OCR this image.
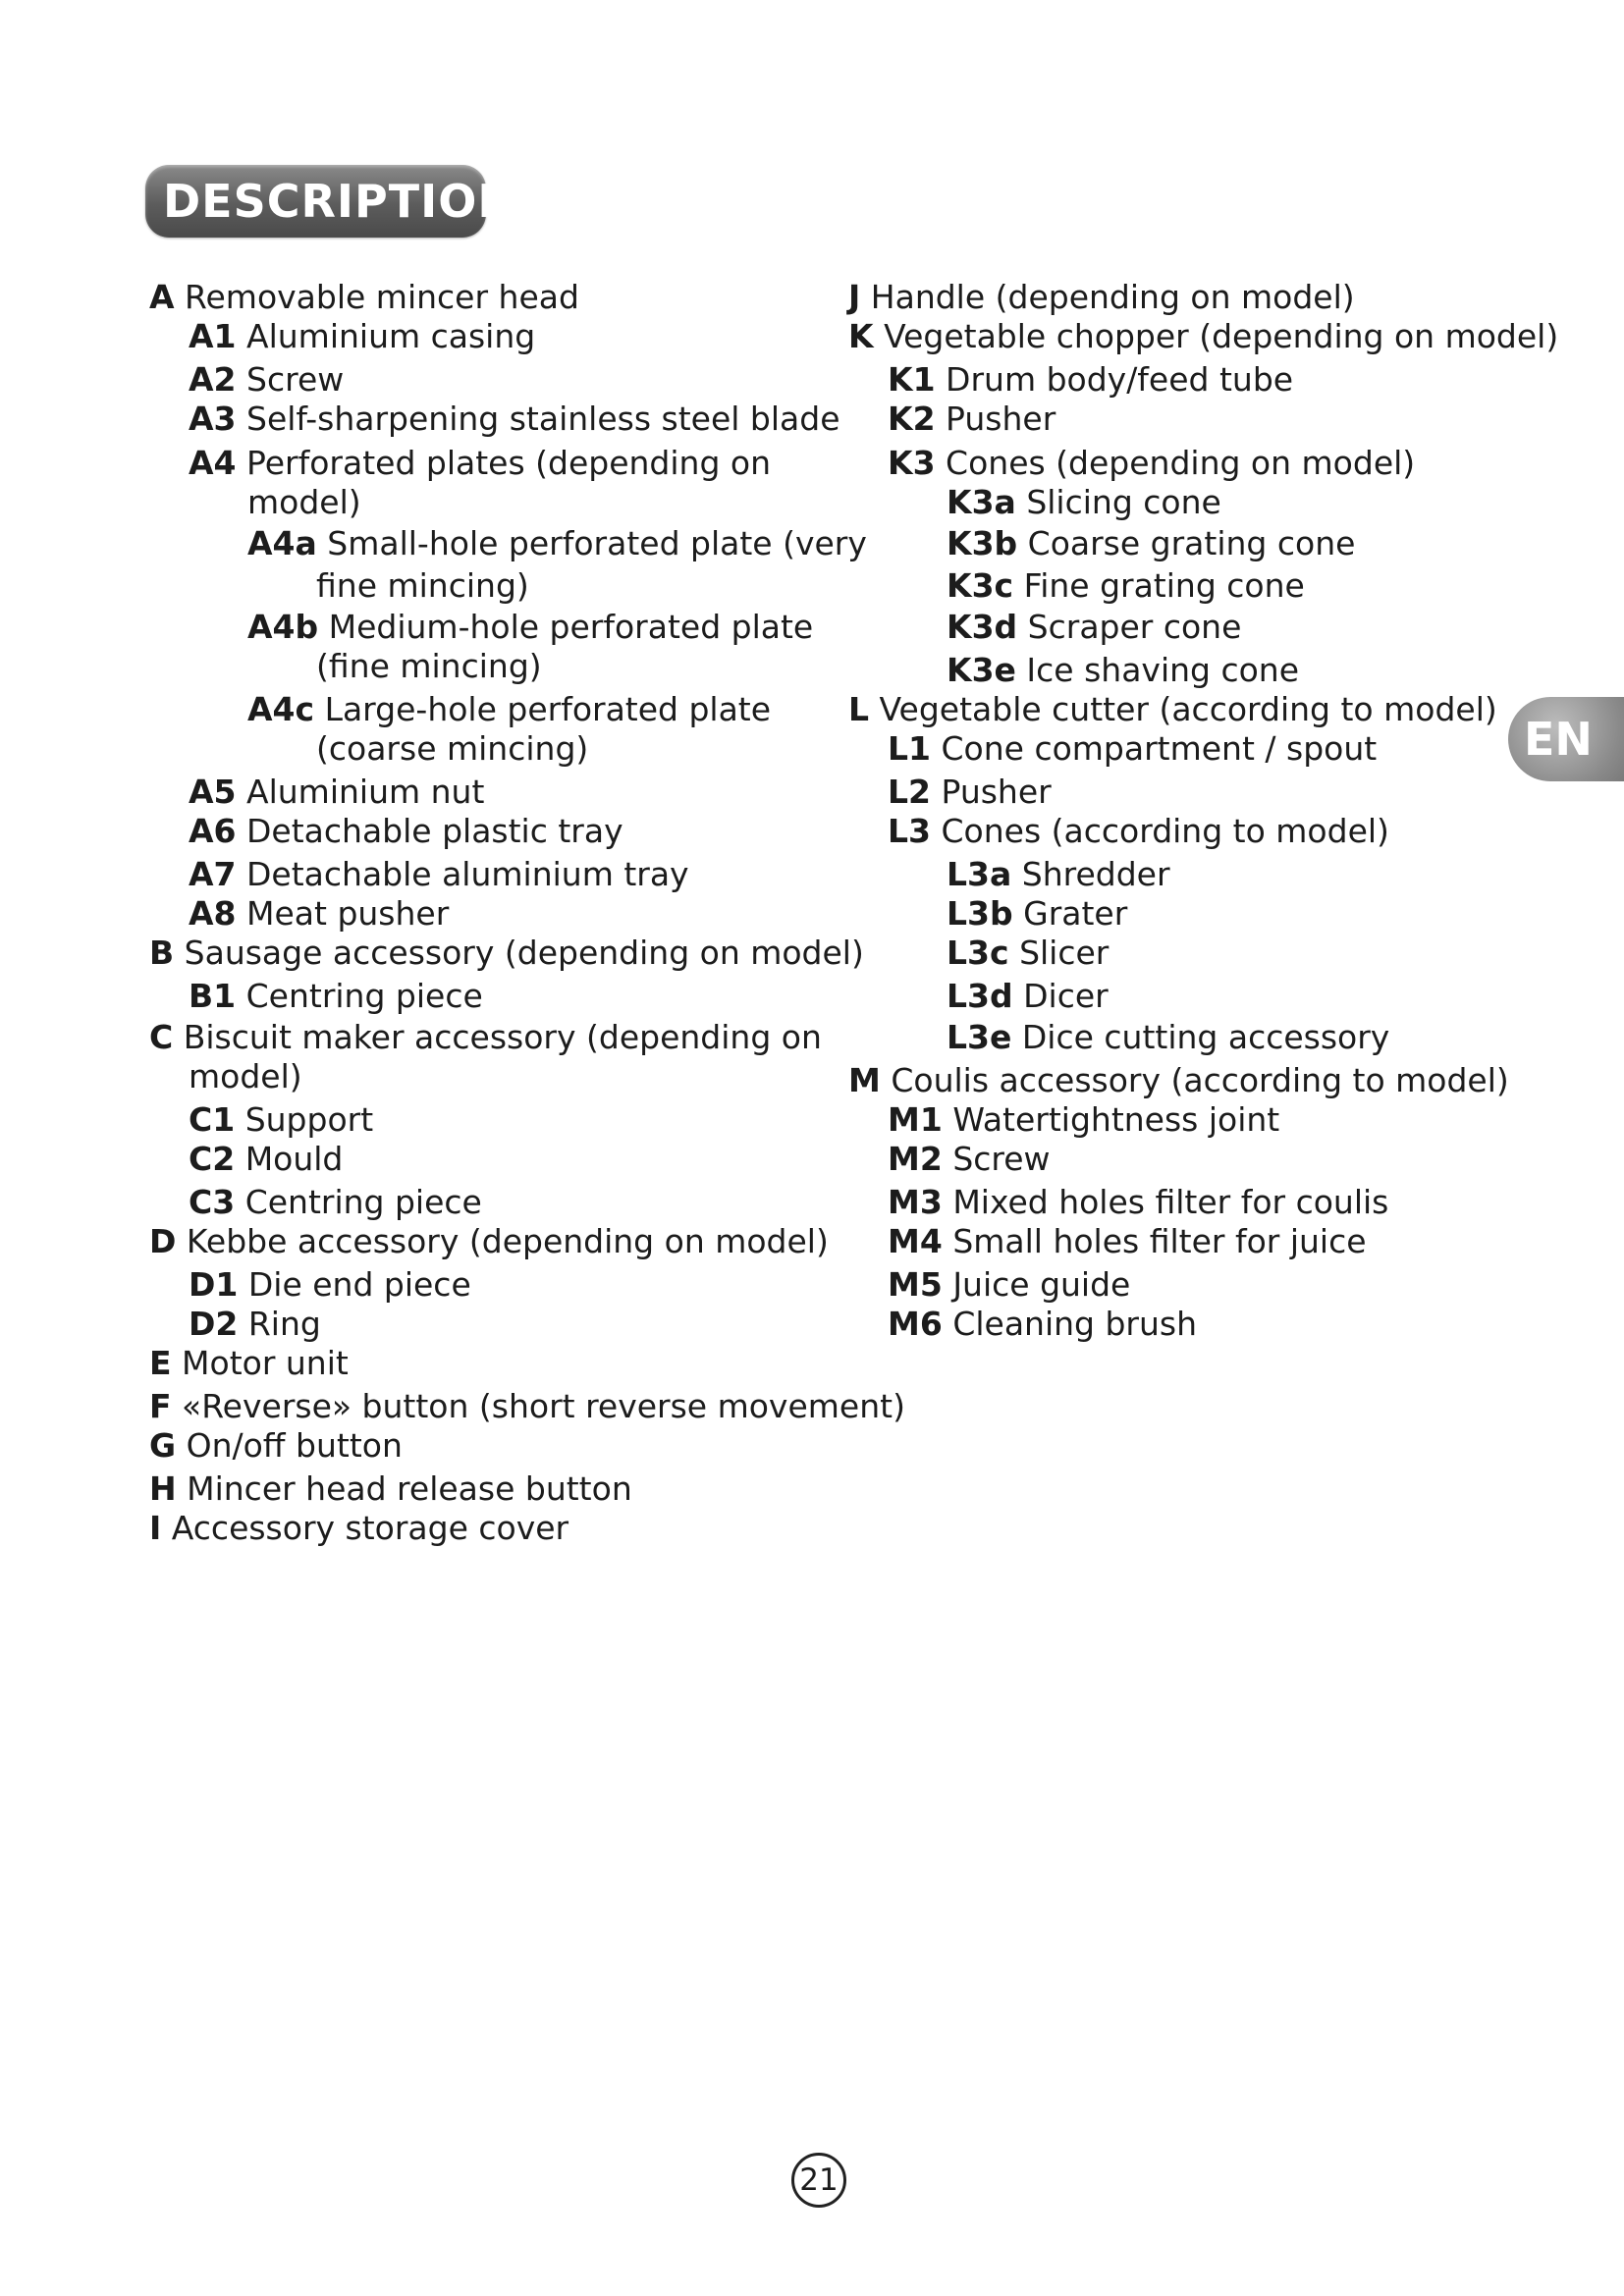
DESCRIPTION
EN
A Removable mincer head
A1 Aluminium casing
A2 Screw
A3 Self-sharpening stainless steel blade
A4 Perforated plates (depending on
model)
A4a Small-hole perforated plate (very
fine mincing)
A4b Medium-hole perforated plate
(fine mincing)
A4c Large-hole perforated plate
(coarse mincing)
A5 Aluminium nut
A6 Detachable plastic tray
A7 Detachable aluminium tray
A8 Meat pusher
B Sausage accessory (depending on model)
B1 Centring piece
C Biscuit maker accessory (depending on
model)
C1 Support
C2 Mould
C3 Centring piece
D Kebbe accessory (depending on model)
D1 Die end piece
D2 Ring
E Motor unit
F «Reverse» button (short reverse movement)
G On/off button
H Mincer head release button
I Accessory storage cover
J Handle (depending on model)
K Vegetable chopper (depending on model)
K1 Drum body/feed tube
K2 Pusher
K3 Cones (depending on model)
K3a Slicing cone
K3b Coarse grating cone
K3c Fine grating cone
K3d Scraper cone
K3e Ice shaving cone
L Vegetable cutter (according to model)
L1 Cone compartment / spout
L2 Pusher
L3 Cones (according to model)
L3a Shredder
L3b Grater
L3c Slicer
L3d Dicer
L3e Dice cutting accessory
M Coulis accessory (according to model)
M1 Watertightness joint
M2 Screw
M3 Mixed holes filter for coulis
M4 Small holes filter for juice
M5 Juice guide
M6 Cleaning brush
21
